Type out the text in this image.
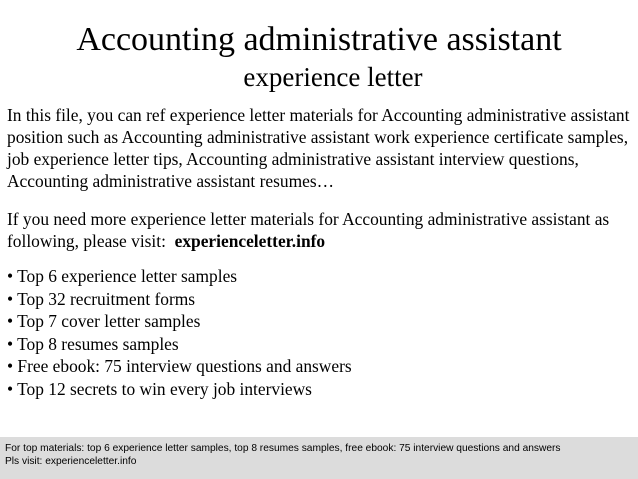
Accounting administrative assistant
experience letter

In this file, you can ref experience letter materials for Accounting administrative assistant position such as Accounting administrative assistant work experience certificate samples, job experience letter tips, Accounting administrative assistant interview questions, Accounting administrative assistant resumes…

If you need more experience letter materials for Accounting administrative assistant as following, please visit: experienceletter.info

• Top 6 experience letter samples
• Top 32 recruitment forms
• Top 7 cover letter samples
• Top 8 resumes samples
• Free ebook: 75 interview questions and answers
• Top 12 secrets to win every job interviews
For top materials: top 6 experience letter samples, top 8 resumes samples, free ebook: 75 interview questions and answers
Pls visit: experienceletter.info
